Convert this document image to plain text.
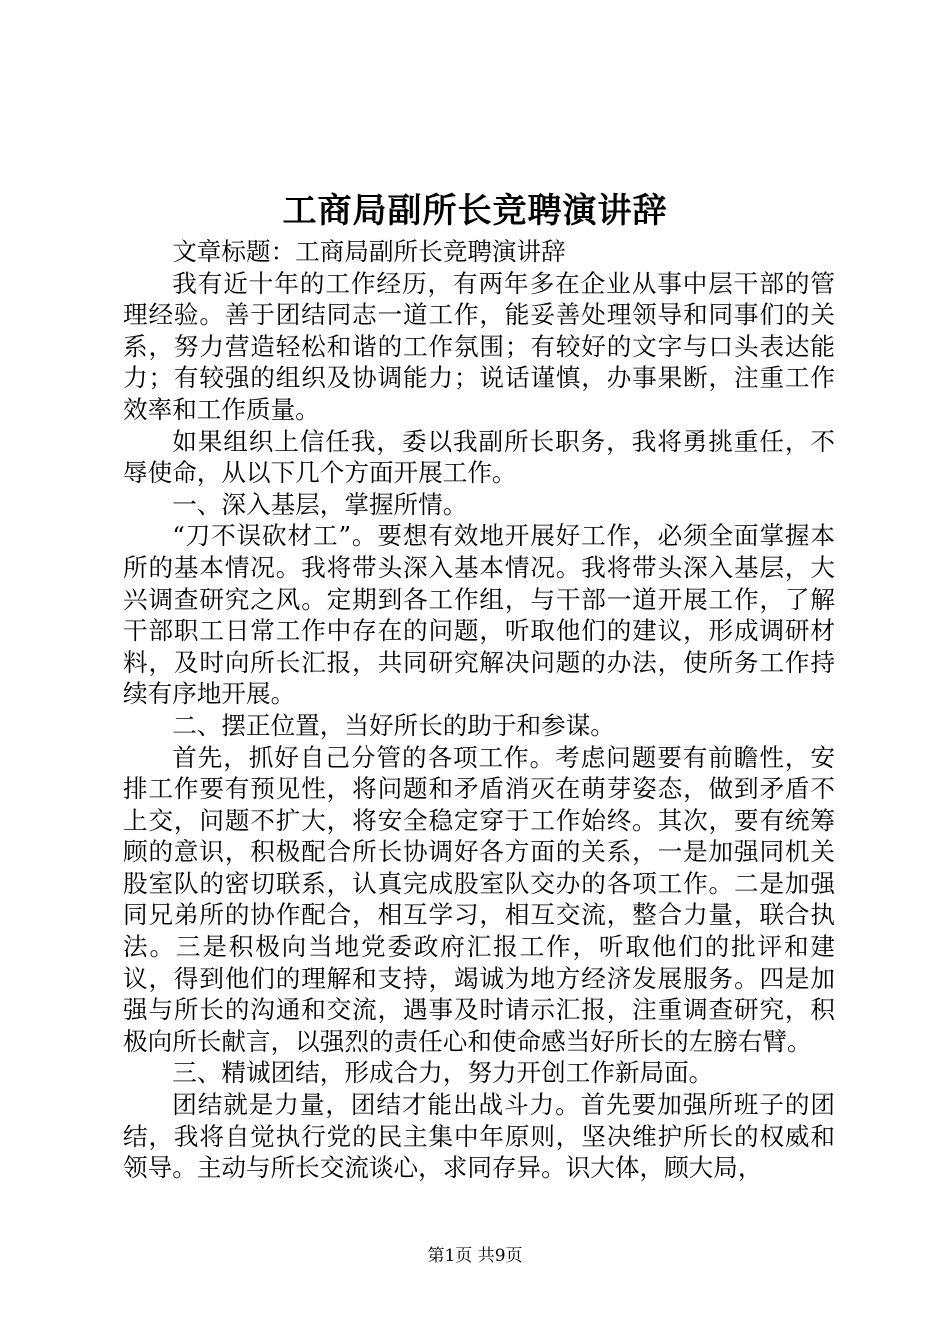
工商局副所长竞聘演讲辞

文章标题：工商局副所长竞聘演讲辞

我有近十年的工作经历，有两年多在企业从事中层干部的管理经验。善于团结同志一道工作，能妥善处理领导和同事们的关系，努力营造轻松和谐的工作氛围；有较好的文字与口头表达能力；有较强的组织及协调能力；说话谨慎，办事果断，注重工作效率和工作质量。

如果组织上信任我，委以我副所长职务，我将勇挑重任，不辱使命，从以下几个方面开展工作。

一、深入基层，掌握所情。

“刀不误砍材工”。要想有效地开展好工作，必须全面掌握本所的基本情况。我将带头深入基本情况。我将带头深入基层，大兴调查研究之风。定期到各工作组，与干部一道开展工作，了解干部职工日常工作中存在的问题，听取他们的建议，形成调研材料，及时向所长汇报，共同研究解决问题的办法，使所务工作持续有序地开展。

二、摆正位置，当好所长的助于和参谋。

首先，抓好自己分管的各项工作。考虑问题要有前瞻性，安排工作要有预见性，将问题和矛盾消灭在萌芽姿态，做到矛盾不上交，问题不扩大，将安全稳定穿于工作始终。其次，要有统筹顾的意识，积极配合所长协调好各方面的关系，一是加强同机关股室队的密切联系，认真完成股室队交办的各项工作。二是加强同兄弟所的协作配合，相互学习，相互交流，整合力量，联合执法。三是积极向当地党委政府汇报工作，听取他们的批评和建议，得到他们的理解和支持，竭诚为地方经济发展服务。四是加强与所长的沟通和交流，遇事及时请示汇报，注重调查研究，积极向所长献言，以强烈的责任心和使命感当好所长的左膀右臂。

三、精诚团结，形成合力，努力开创工作新局面。

团结就是力量，团结才能出战斗力。首先要加强所班子的团结，我将自觉执行党的民主集中年原则，坚决维护所长的权威和领导。主动与所长交流谈心，求同存异。识大体，顾大局，

第1页 共9页
